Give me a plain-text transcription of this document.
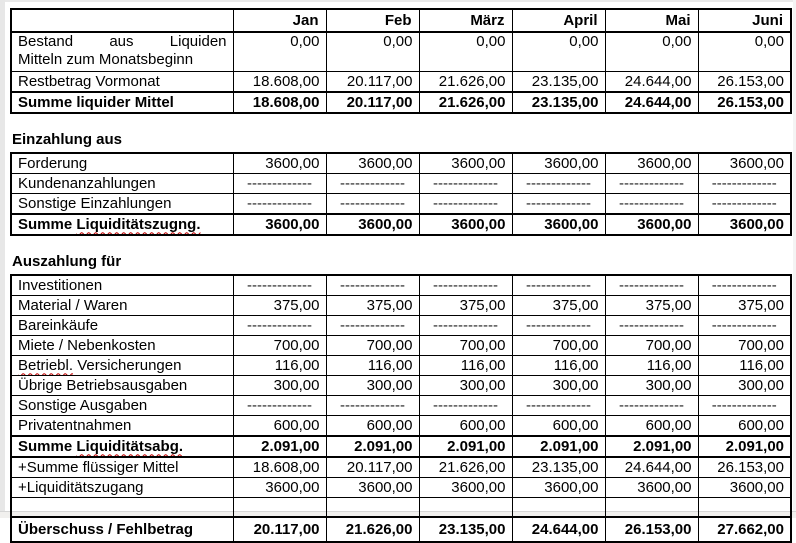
	Jan	Feb	März	April	Mai	Juni

Bestand aus Liquiden
Mitteln zum Monatsbeginn	0,00	0,00	0,00	0,00	0,00	0,00
Restbetrag Vormonat	18.608,00	20.117,00	21.626,00	23.135,00	24.644,00	26.153,00
Summe liquider Mittel	18.608,00	20.117,00	21.626,00	23.135,00	24.644,00	26.153,00
Einzahlung aus
Forderung	3600,00	3600,00	3600,00	3600,00	3600,00	3600,00
Kundenanzahlungen	-------------	-------------	-------------	-------------	-------------	-------------
Sonstige Einzahlungen	-------------	-------------	-------------	-------------	-------------	-------------
Summe Liquiditätszugng.	3600,00	3600,00	3600,00	3600,00	3600,00	3600,00
Auszahlung für
Investitionen	-------------	-------------	-------------	-------------	-------------	-------------
Material / Waren	375,00	375,00	375,00	375,00	375,00	375,00
Bareinkäufe	-------------	-------------	-------------	-------------	-------------	-------------
Miete / Nebenkosten	700,00	700,00	700,00	700,00	700,00	700,00
Betriebl. Versicherungen	116,00	116,00	116,00	116,00	116,00	116,00
Übrige Betriebsausgaben	300,00	300,00	300,00	300,00	300,00	300,00
Sonstige Ausgaben	-------------	-------------	-------------	-------------	-------------	-------------
Privatentnahmen	600,00	600,00	600,00	600,00	600,00	600,00
Summe Liquiditätsabg.	2.091,00	2.091,00	2.091,00	2.091,00	2.091,00	2.091,00
+Summe flüssiger Mittel	18.608,00	20.117,00	21.626,00	23.135,00	24.644,00	26.153,00
+Liquiditätszugang	3600,00	3600,00	3600,00	3600,00	3600,00	3600,00

Überschuss / Fehlbetrag	20.117,00	21.626,00	23.135,00	24.644,00	26.153,00	27.662,00
